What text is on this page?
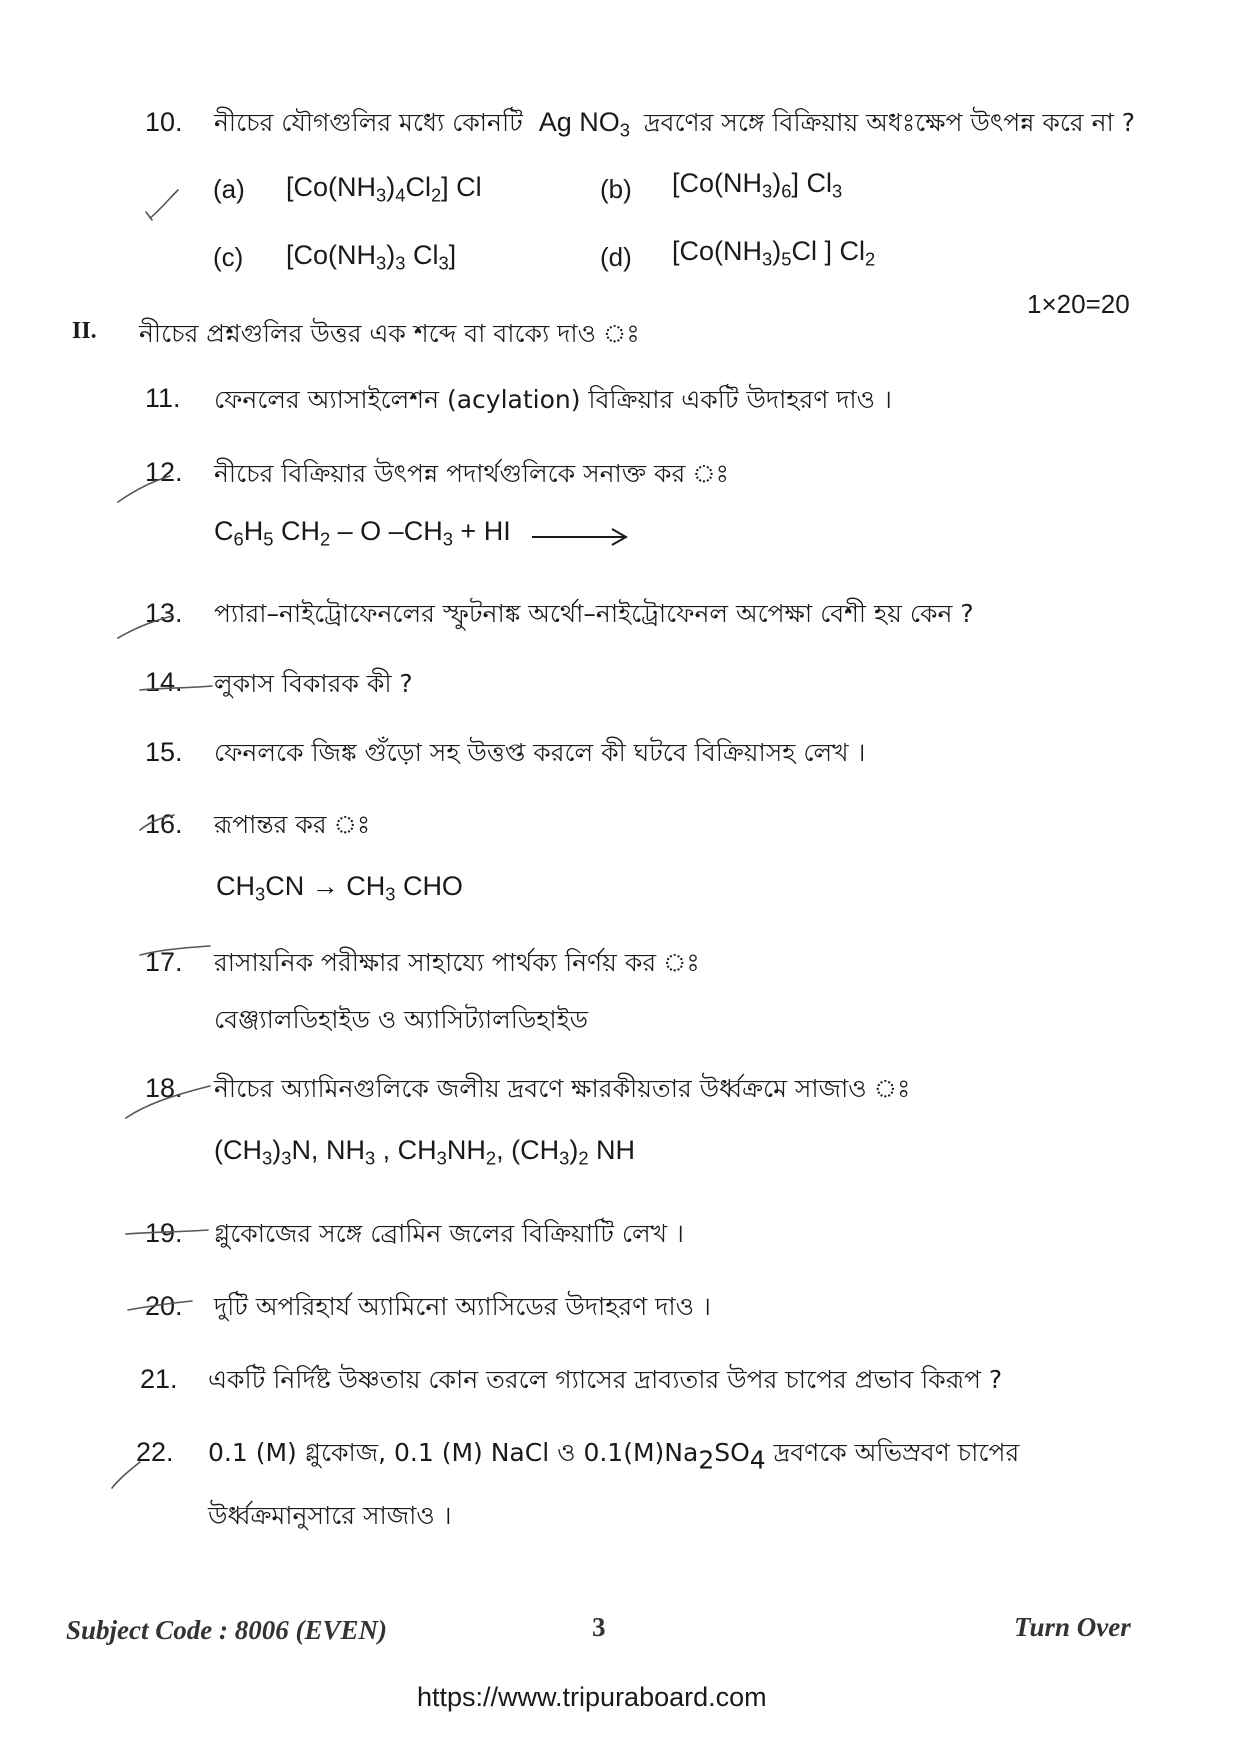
10. নীচের যৌগগুলির মধ্যে কোনটি Ag $NO_3$ দ্রবণের সঙ্গে বিক্রিয়ায় অধঃক্ষেপ উৎপন্ন করে না ?
(a) $[Co(NH_3)_4Cl_2]$ Cl	(b) $[Co(NH_3)_6]$ $Cl_3$
(c) [$Co(NH_3)_3$ $Cl_3$]	(d) [$Co(NH_3)_5Cl$ ] $Cl_2$
II. নীচের প্রশ্নগুলির উত্তর এক শব্দে বা বাক্যে দাও ঃ
1×20=20
11. ফেনলের অ্যাসাইলেশন (acylation) বিক্রিয়ার একটি উদাহরণ দাও ।
12. নীচের বিক্রিয়ার উৎপন্ন পদার্থগুলিকে সনাক্ত কর ঃ
$C_6H_5$ $CH_2$ – O $-CH_3$ + HI →
13. প্যারা–নাইট্রোফেনলের স্ফুটনাঙ্ক অর্থো–নাইট্রোফেনল অপেক্ষা বেশী হয় কেন ?
14. লুকাস বিকারক কী ?
15. ফেনলকে জিঙ্ক গুঁড়ো সহ উত্তপ্ত করলে কী ঘটবে বিক্রিয়াসহ লেখ ।
16. রূপান্তর কর ঃ
$CH_3CN \to CH_3$ CHO
17. রাসায়নিক পরীক্ষার সাহায্যে পার্থক্য নির্ণয় কর ঃ
বেঞ্জ্যালডিহাইড ও অ্যাসিট্যালডিহাইড
18. নীচের অ্যামিনগুলিকে জলীয় দ্রবণে ক্ষারকীয়তার উর্ধ্বক্রমে সাজাও ঃ
$(CH_3)_3N$, $NH_3$ , $CH_3NH_2$, $(CH_3)_2$ NH
19. গ্লুকোজের সঙ্গে ব্রোমিন জলের বিক্রিয়াটি লেখ ।
20. দুটি অপরিহার্য অ্যামিনো অ্যাসিডের উদাহরণ দাও ।
21. একটি নির্দিষ্ট উষ্ণতায় কোন তরলে গ্যাসের দ্রাব্যতার উপর চাপের প্রভাব কিরূপ ?
22. 0.1 (M) গ্লুকোজ, 0.1 (M) NaCl ও $0.1(M)Na_2SO_4$ দ্রবণকে অভিস্রবণ চাপের
উর্ধ্বক্রমানুসারে সাজাও ।
Subject Code : 8006 (EVEN)	3	Turn Over
https://www.tripuraboard.com
